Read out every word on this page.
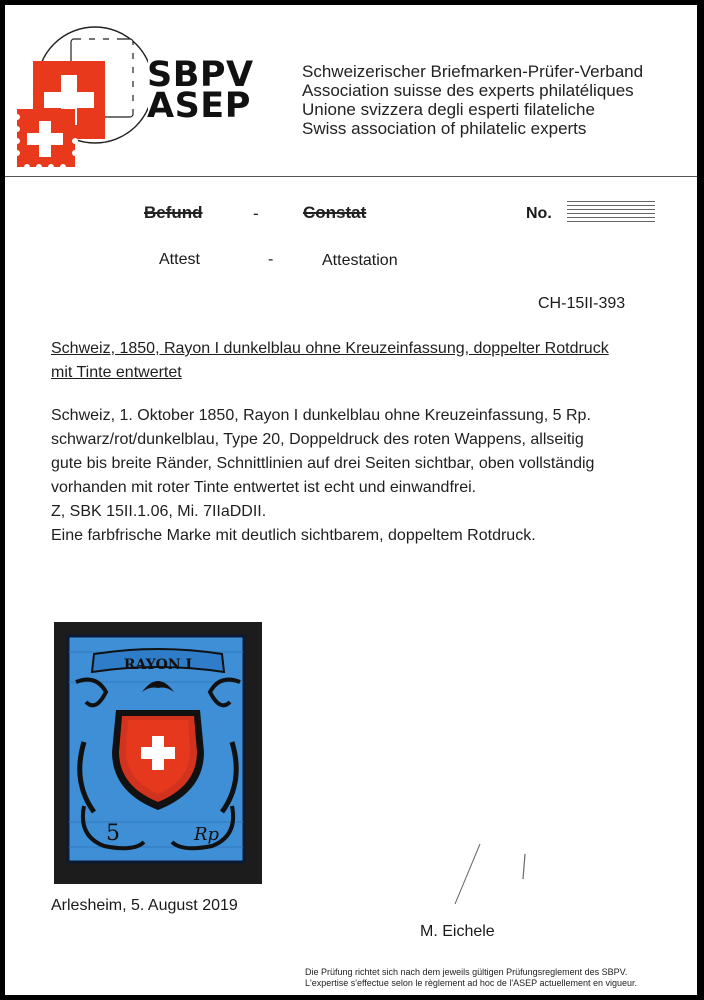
SBPV
ASEP
Schweizerischer Briefmarken-Prüfer-Verband
Association suisse des experts philatéliques
Unione svizzera degli esperti filateliche
Swiss association of philatelic experts
Befund	-	Constat	No.
Attest	-	Attestation
CH-15II-393
Schweiz, 1850, Rayon I dunkelblau ohne Kreuzeinfassung, doppelter Rotdruck
mit Tinte entwertet
Schweiz, 1. Oktober 1850, Rayon I dunkelblau ohne Kreuzeinfassung, 5 Rp.
schwarz/rot/dunkelblau, Type 20, Doppeldruck des roten Wappens, allseitig
gute bis breite Ränder, Schnittlinien auf drei Seiten sichtbar, oben vollständig
vorhanden mit roter Tinte entwertet ist echt und einwandfrei.
Z, SBK 15II.1.06, Mi. 7IIaDDII.
Eine farbfrische Marke mit deutlich sichtbarem, doppeltem Rotdruck.
RAYON I
5	Rp.
Arlesheim, 5. August 2019
M. Eichele
Die Prüfung richtet sich nach dem jeweils gültigen Prüfungsreglement des SBPV.
L'expertise s'effectue selon le règlement ad hoc de l'ASEP actuellement en vigueur.
